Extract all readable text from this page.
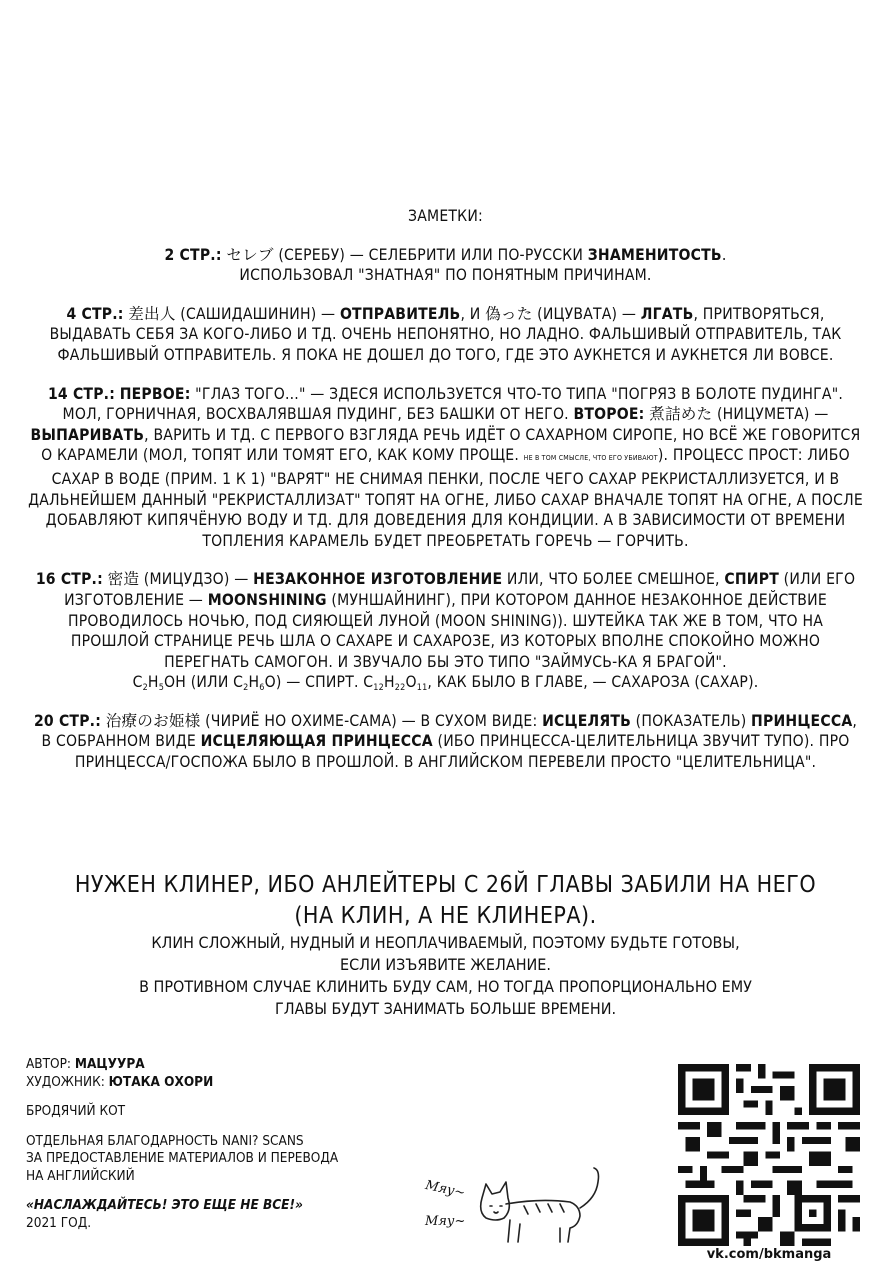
ЗАМЕТКИ:

2 СТР.: セレブ (СЕРЕБУ) — СЕЛЕБРИТИ ИЛИ ПО-РУССКИ ЗНАМЕНИТОСТЬ.
ИСПОЛЬЗОВАЛ "ЗНАТНАЯ" ПО ПОНЯТНЫМ ПРИЧИНАМ.

4 СТР.: 差出人 (САШИДАШИНИН) — ОТПРАВИТЕЛЬ, И 偽った (ИЦУВАТА) — ЛГАТЬ, ПРИТВОРЯТЬСЯ, ВЫДАВАТЬ СЕБЯ ЗА КОГО-ЛИБО И ТД. ОЧЕНЬ НЕПОНЯТНО, НО ЛАДНО. ФАЛЬШИВЫЙ ОТПРАВИТЕЛЬ, ТАК ФАЛЬШИВЫЙ ОТПРАВИТЕЛЬ. Я ПОКА НЕ ДОШЕЛ ДО ТОГО, ГДЕ ЭТО АУКНЕТСЯ И АУКНЕТСЯ ЛИ ВОВСЕ.

14 СТР.: ПЕРВОЕ: "ГЛАЗ ТОГО..." — ЗДЕСЯ ИСПОЛЬЗУЕТСЯ ЧТО-ТО ТИПА "ПОГРЯЗ В БОЛОТЕ ПУДИНГА". МОЛ, ГОРНИЧНАЯ, ВОСХВАЛЯВШАЯ ПУДИНГ, БЕЗ БАШКИ ОТ НЕГО. ВТОРОЕ: 煮詰めた (НИЦУМЕТА) — ВЫПАРИВАТЬ, ВАРИТЬ И ТД. С ПЕРВОГО ВЗГЛЯДА РЕЧЬ ИДЁТ О САХАРНОМ СИРОПЕ, НО ВСЁ ЖЕ ГОВОРИТСЯ О КАРАМЕЛИ (МОЛ, ТОПЯТ ИЛИ ТОМЯТ ЕГО, КАК КОМУ ПРОЩЕ. НЕ В ТОМ СМЫСЛЕ, ЧТО ЕГО УБИВАЮТ). ПРОЦЕСС ПРОСТ: ЛИБО САХАР В ВОДЕ (ПРИМ. 1 К 1) "ВАРЯТ" НЕ СНИМАЯ ПЕНКИ, ПОСЛЕ ЧЕГО САХАР РЕКРИСТАЛЛИЗУЕТСЯ, И В ДАЛЬНЕЙШЕМ ДАННЫЙ "РЕКРИСТАЛЛИЗАТ" ТОПЯТ НА ОГНЕ, ЛИБО САХАР ВНАЧАЛЕ ТОПЯТ НА ОГНЕ, А ПОСЛЕ ДОБАВЛЯЮТ КИПЯЧЁНУЮ ВОДУ И ТД. ДЛЯ ДОВЕДЕНИЯ ДЛЯ КОНДИЦИИ. А В ЗАВИСИМОСТИ ОТ ВРЕМЕНИ ТОПЛЕНИЯ КАРАМЕЛЬ БУДЕТ ПРЕОБРЕТАТЬ ГОРЕЧЬ — ГОРЧИТЬ.

16 СТР.: 密造 (МИЦУДЗО) — НЕЗАКОННОЕ ИЗГОТОВЛЕНИЕ ИЛИ, ЧТО БОЛЕЕ СМЕШНОЕ, СПИРТ (ИЛИ ЕГО ИЗГОТОВЛЕНИЕ — MOONSHINING (МУНШАЙНИНГ), ПРИ КОТОРОМ ДАННОЕ НЕЗАКОННОЕ ДЕЙСТВИЕ ПРОВОДИЛОСЬ НОЧЬЮ, ПОД СИЯЮЩЕЙ ЛУНОЙ (MOON SHINING)). ШУТЕЙКА ТАК ЖЕ В ТОМ, ЧТО НА ПРОШЛОЙ СТРАНИЦЕ РЕЧЬ ШЛА О САХАРЕ И САХАРОЗЕ, ИЗ КОТОРЫХ ВПОЛНЕ СПОКОЙНО МОЖНО ПЕРЕГНАТЬ САМОГОН. И ЗВУЧАЛО БЫ ЭТО ТИПО "ЗАЙМУСЬ-КА Я БРАГОЙ".
$C_2H_5OH$ (ИЛИ $C_2H_6O$) — СПИРТ. $C_{12}H_{22}O_{11}$, КАК БЫЛО В ГЛАВЕ, — САХАРОЗА (САХАР).

20 СТР.: 治療のお姫様 (ЧИРИЁ НО ОХИМЕ-САМА) — В СУХОМ ВИДЕ: ИСЦЕЛЯТЬ (ПОКАЗАТЕЛЬ) ПРИНЦЕССА, В СОБРАННОМ ВИДЕ ИСЦЕЛЯЮЩАЯ ПРИНЦЕССА (ИБО ПРИНЦЕССА-ЦЕЛИТЕЛЬНИЦА ЗВУЧИТ ТУПО). ПРО ПРИНЦЕССА/ГОСПОЖА БЫЛО В ПРОШЛОЙ. В АНГЛИЙСКОМ ПЕРЕВЕЛИ ПРОСТО "ЦЕЛИТЕЛЬНИЦА".

НУЖЕН КЛИНЕР, ИБО АНЛЕЙТЕРЫ С 26Й ГЛАВЫ ЗАБИЛИ НА НЕГО

(НА КЛИН, А НЕ КЛИНЕРА).

КЛИН СЛОЖНЫЙ, НУДНЫЙ И НЕОПЛАЧИВАЕМЫЙ, ПОЭТОМУ БУДЬТЕ ГОТОВЫ,

ЕСЛИ ИЗЪЯВИТЕ ЖЕЛАНИЕ.

В ПРОТИВНОМ СЛУЧАЕ КЛИНИТЬ БУДУ САМ, НО ТОГДА ПРОПОРЦИОНАЛЬНО ЕМУ

ГЛАВЫ БУДУТ ЗАНИМАТЬ БОЛЬШЕ ВРЕМЕНИ.

АВТОР: МАЦУУРА
ХУДОЖНИК: ЮТАКА ОХОРИ

БРОДЯЧИЙ КОТ

ОТДЕЛЬНАЯ БЛАГОДАРНОСТЬ NANI? SCANS
ЗА ПРЕДОСТАВЛЕНИЕ МАТЕРИАЛОВ И ПЕРЕВОДА
НА АНГЛИЙСКИЙ

«НАСЛАЖДАЙТЕСЬ! ЭТО ЕЩЕ НЕ ВСЕ!»

2021 ГОД.

Мяу~
Мяу~
vk.com/bkmanga
